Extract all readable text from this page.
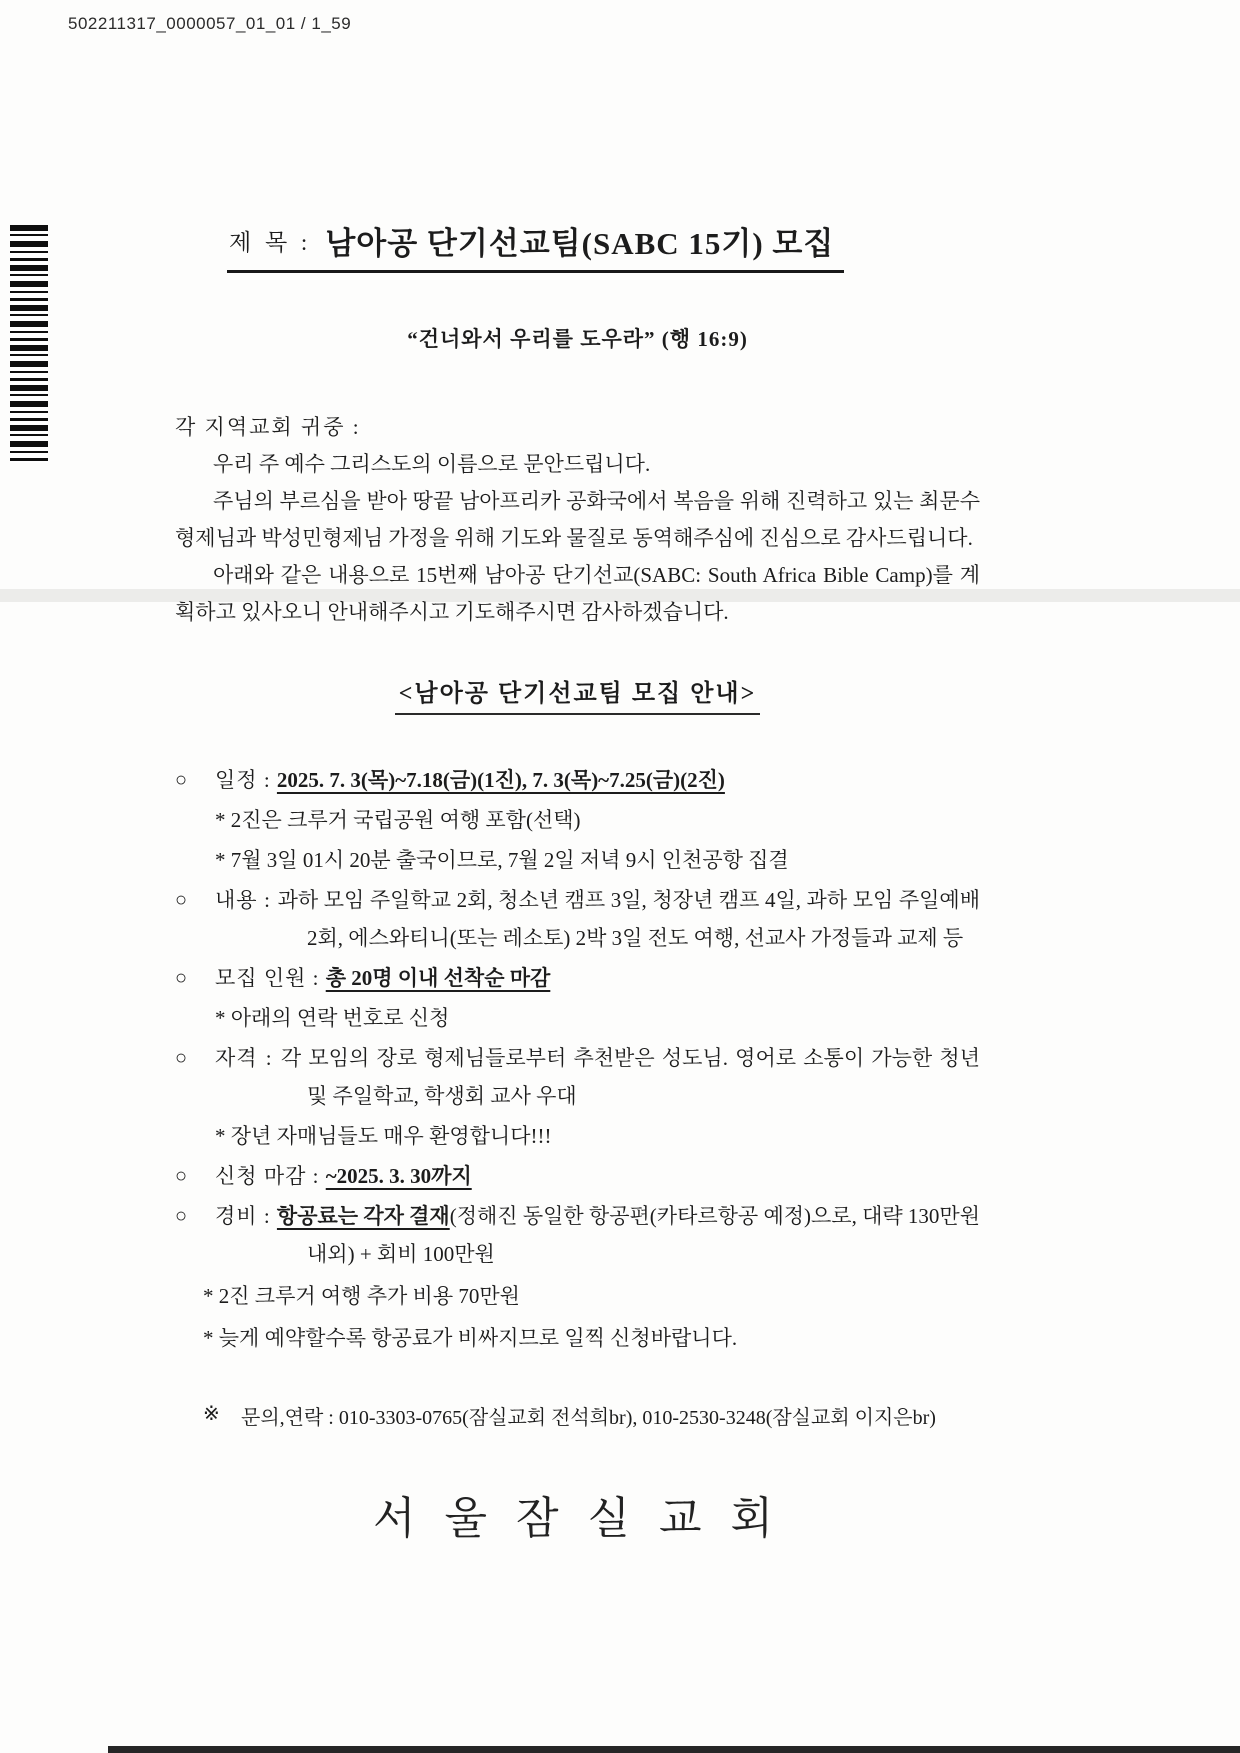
502211317_0000057_01_01 / 1_59
제 목 : 남아공 단기선교팀(SABC 15기) 모집
“건너와서 우리를 도우라” (행 16:9)

각 지역교회 귀중 :

우리 주 예수 그리스도의 이름으로 문안드립니다.

주님의 부르심을 받아 땅끝 남아프리카 공화국에서 복음을 위해 진력하고 있는 최문수형제님과 박성민형제님 가정을 위해 기도와 물질로 동역해주심에 진심으로 감사드립니다.

아래와 같은 내용으로 15번째 남아공 단기선교(SABC: South Africa Bible Camp)를 계획하고 있사오니 안내해주시고 기도해주시면 감사하겠습니다.

<남아공 단기선교팀 모집 안내>
○	일정 : 2025. 7. 3(목)~7.18(금)(1진), 7. 3(목)~7.25(금)(2진)
* 2진은 크루거 국립공원 여행 포함(선택)
* 7월 3일 01시 20분 출국이므로, 7월 2일 저녁 9시 인천공항 집결
○	내용 : 과하 모임 주일학교 2회, 청소년 캠프 3일, 청장년 캠프 4일, 과하 모임 주일예배 2회, 에스와티니(또는 레소토) 2박 3일 전도 여행, 선교사 가정들과 교제 등
○	모집 인원 : 총 20명 이내 선착순 마감
* 아래의 연락 번호로 신청
○	자격 : 각 모임의 장로 형제님들로부터 추천받은 성도님. 영어로 소통이 가능한 청년 및 주일학교, 학생회 교사 우대
* 장년 자매님들도 매우 환영합니다!!!
○	신청 마감 : ~2025. 3. 30까지
○	경비 : 항공료는 각자 결재(정해진 동일한 항공편(카타르항공 예정)으로, 대략 130만원 내외) + 회비 100만원
* 2진 크루거 여행 추가 비용 70만원
* 늦게 예약할수록 항공료가 비싸지므로 일찍 신청바랍니다.
※	문의,연락 : 010-3303-0765(잠실교회 전석희br), 010-2530-3248(잠실교회 이지은br)
서 울 잠 실 교 회
